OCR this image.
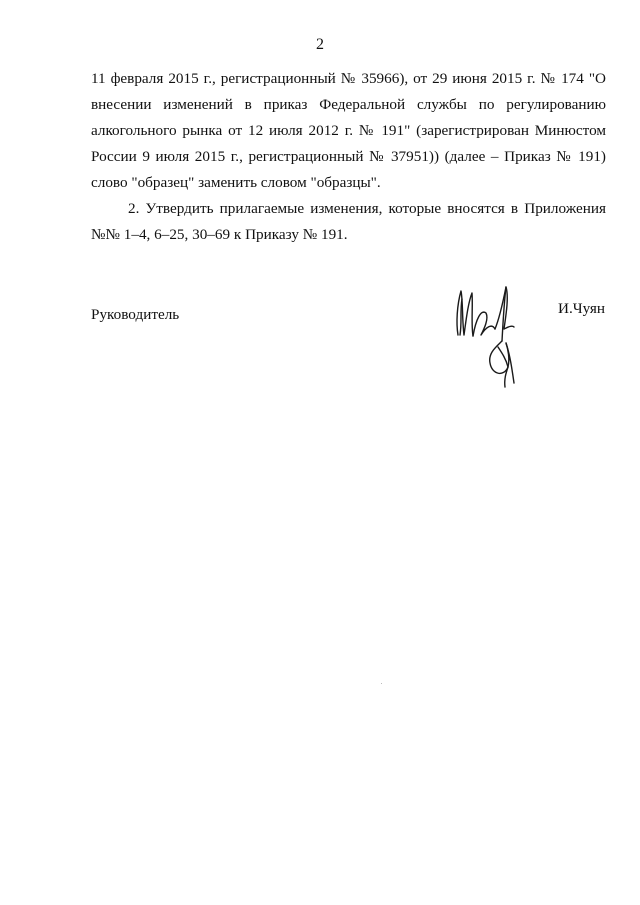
2

11 февраля 2015 г., регистрационный № 35966), от 29 июня 2015 г. № 174 "О внесении изменений в приказ Федеральной службы по регулированию алкогольного рынка от 12 июля 2012 г. № 191" (зарегистрирован Минюстом России 9 июля 2015 г., регистрационный № 37951)) (далее – Приказ № 191) слово "образец" заменить словом "образцы".

2. Утвердить прилагаемые изменения, которые вносятся в Приложения №№ 1–4, 6–25, 30–69 к Приказу № 191.

Руководитель	И.Чуян
